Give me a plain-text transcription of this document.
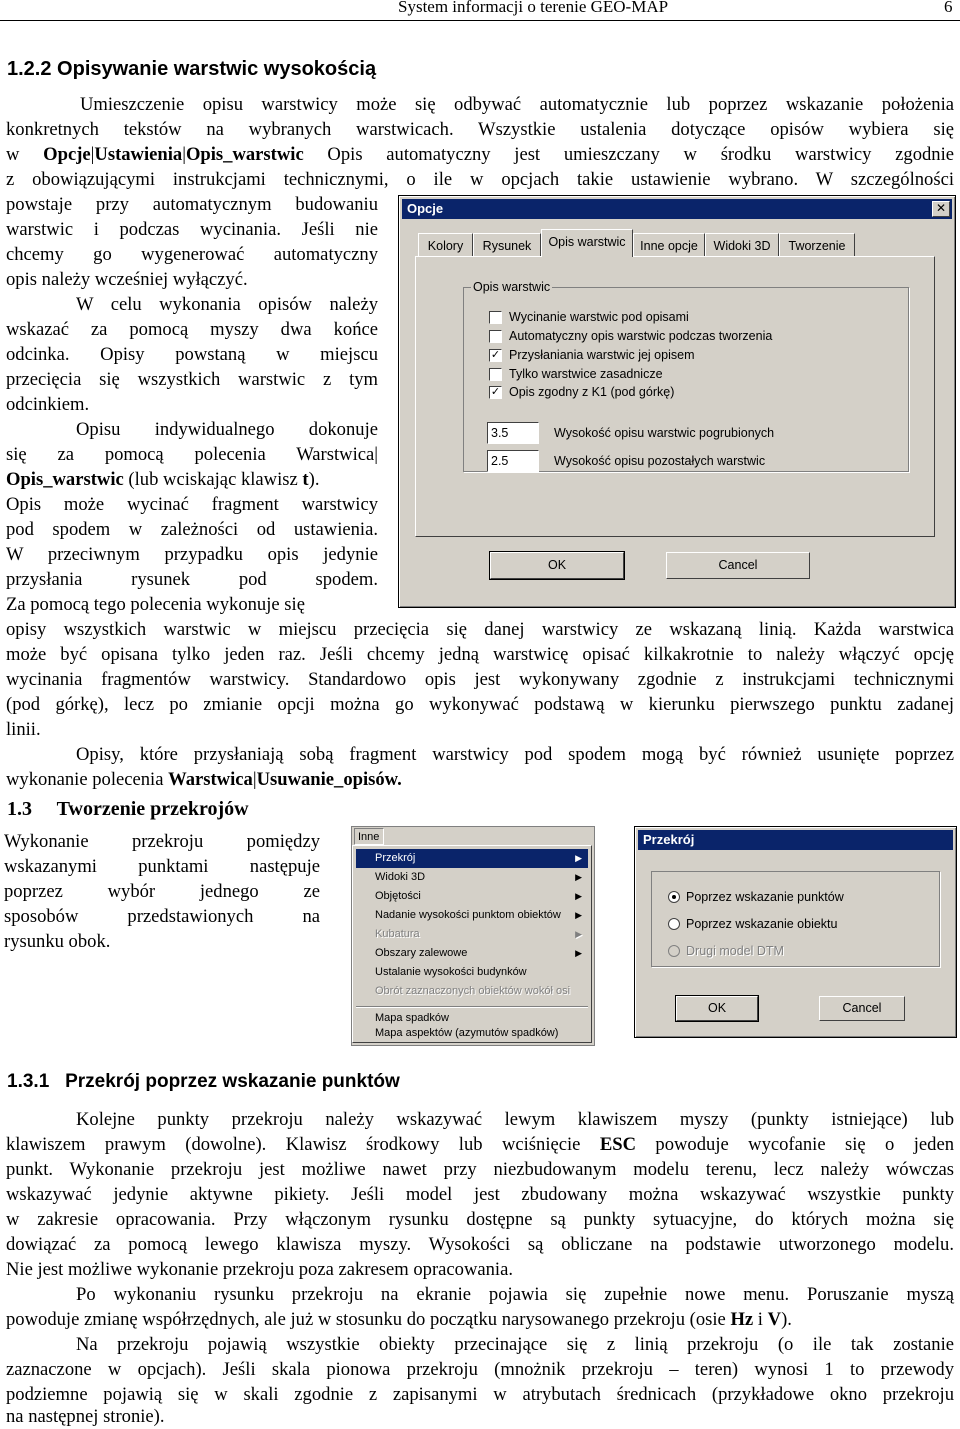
System informacji o terenie GEO-MAP	6
1.2.2 Opisywanie warstwic wysokością
Umieszczenie opisu warstwicy może się odbywać automatycznie lub poprzez wskazanie położenia
konkretnych tekstów na wybranych warstwicach. Wszystkie ustalenia dotyczące opisów wybiera się
w Opcje|Ustawienia|Opis_warstwic Opis automatyczny jest umieszczany w środku warstwicy zgodnie
z obowiązującymi instrukcjami technicznymi, o ile w opcjach takie ustawienie wybrano. W szczególności
powstaje przy automatycznym budowaniu
warstwic i podczas wycinania. Jeśli nie
chcemy go wygenerować automatyczny
opis należy wcześniej wyłączyć.
W celu wykonania opisów należy
wskazać za pomocą myszy dwa końce
odcinka. Opisy powstaną w miejscu
przecięcia się wszystkich warstwic z tym
odcinkiem.
Opisu indywidualnego dokonuje
się za pomocą polecenia Warstwica|
Opis_warstwic (lub wciskając klawisz t).
Opis może wycinać fragment warstwicy
pod spodem w zależności od ustawienia.
W przeciwnym przypadku opis jedynie
przysłania rysunek pod spodem.
Za pomocą tego polecenia wykonuje się
Opcje	✕
Kolory	Rysunek	Opis warstwic	Inne opcje	Widoki 3D	Tworzenie
Opis warstwic
Wycinanie warstwic pod opisami
Automatyczny opis warstwic podczas tworzenia
✓ Przysłaniania warstwic jej opisem
Tylko warstwice zasadnicze
✓ Opis zgodny z K1 (pod górkę)
3.5	Wysokość opisu warstwic pogrubionych
2.5	Wysokość opisu pozostałych warstwic
OK	Cancel
opisy wszystkich warstwic w miejscu przecięcia się danej warstwicy ze wskazaną linią. Każda warstwica
może być opisana tylko jeden raz. Jeśli chcemy jedną warstwicę opisać kilkakrotnie to należy włączyć opcję
wycinania fragmentów warstwicy. Standardowo opis jest wykonywany zgodnie z instrukcjami technicznymi
(pod górkę), lecz po zmianie opcji można go wykonywać podstawą w kierunku pierwszego punktu zadanej
linii.
Opisy, które przysłaniają sobą fragment warstwicy pod spodem mogą być również usunięte poprzez
wykonanie polecenia Warstwica|Usuwanie_opisów.
1.3     Tworzenie przekrojów
Wykonanie przekroju pomiędzy
wskazanymi punktami następuje
poprzez wybór jednego ze
sposobów przedstawionych na
rysunku obok.
Inne
Przekrój	▶
Widoki 3D	▶
Objętości	▶
Nadanie wysokości punktom obiektów ▶
Kubatura	▶
Obszary zalewowe	▶
Ustalanie wysokości budynków
Obrót zaznaczonych obiektów wokół osi
Mapa spadków
Mapa aspektów (azymutów spadków)
Przekrój
Poprzez wskazanie punktów
Poprzez wskazanie obiektu
Drugi model DTM
OK	Cancel
1.3.1   Przekrój poprzez wskazanie punktów
Kolejne punkty przekroju należy wskazywać lewym klawiszem myszy (punkty istniejące) lub
klawiszem prawym (dowolne). Klawisz środkowy lub wciśnięcie ESC powoduje wycofanie się o jeden
punkt. Wykonanie przekroju jest możliwe nawet przy niezbudowanym modelu terenu, lecz należy wówczas
wskazywać jedynie aktywne pikiety. Jeśli model jest zbudowany można wskazywać wszystkie punkty
w zakresie opracowania. Przy włączonym rysunku dostępne są punkty sytuacyjne, do których można się
dowiązać za pomocą lewego klawisza myszy. Wysokości są obliczane na podstawie utworzonego modelu.
Nie jest możliwe wykonanie przekroju poza zakresem opracowania.
Po wykonaniu rysunku przekroju na ekranie pojawia się zupełnie nowe menu. Poruszanie myszą
powoduje zmianę współrzędnych, ale już w stosunku do początku narysowanego przekroju (osie Hz i V).
Na przekroju pojawią wszystkie obiekty przecinające się z linią przekroju (o ile tak zostanie
zaznaczone w opcjach). Jeśli skala pionowa przekroju (mnożnik przekroju – teren) wynosi 1 to przewody
podziemne pojawią się w skali zgodnie z zapisanymi w atrybutach średnicach (przykładowe okno przekroju
na następnej stronie).
